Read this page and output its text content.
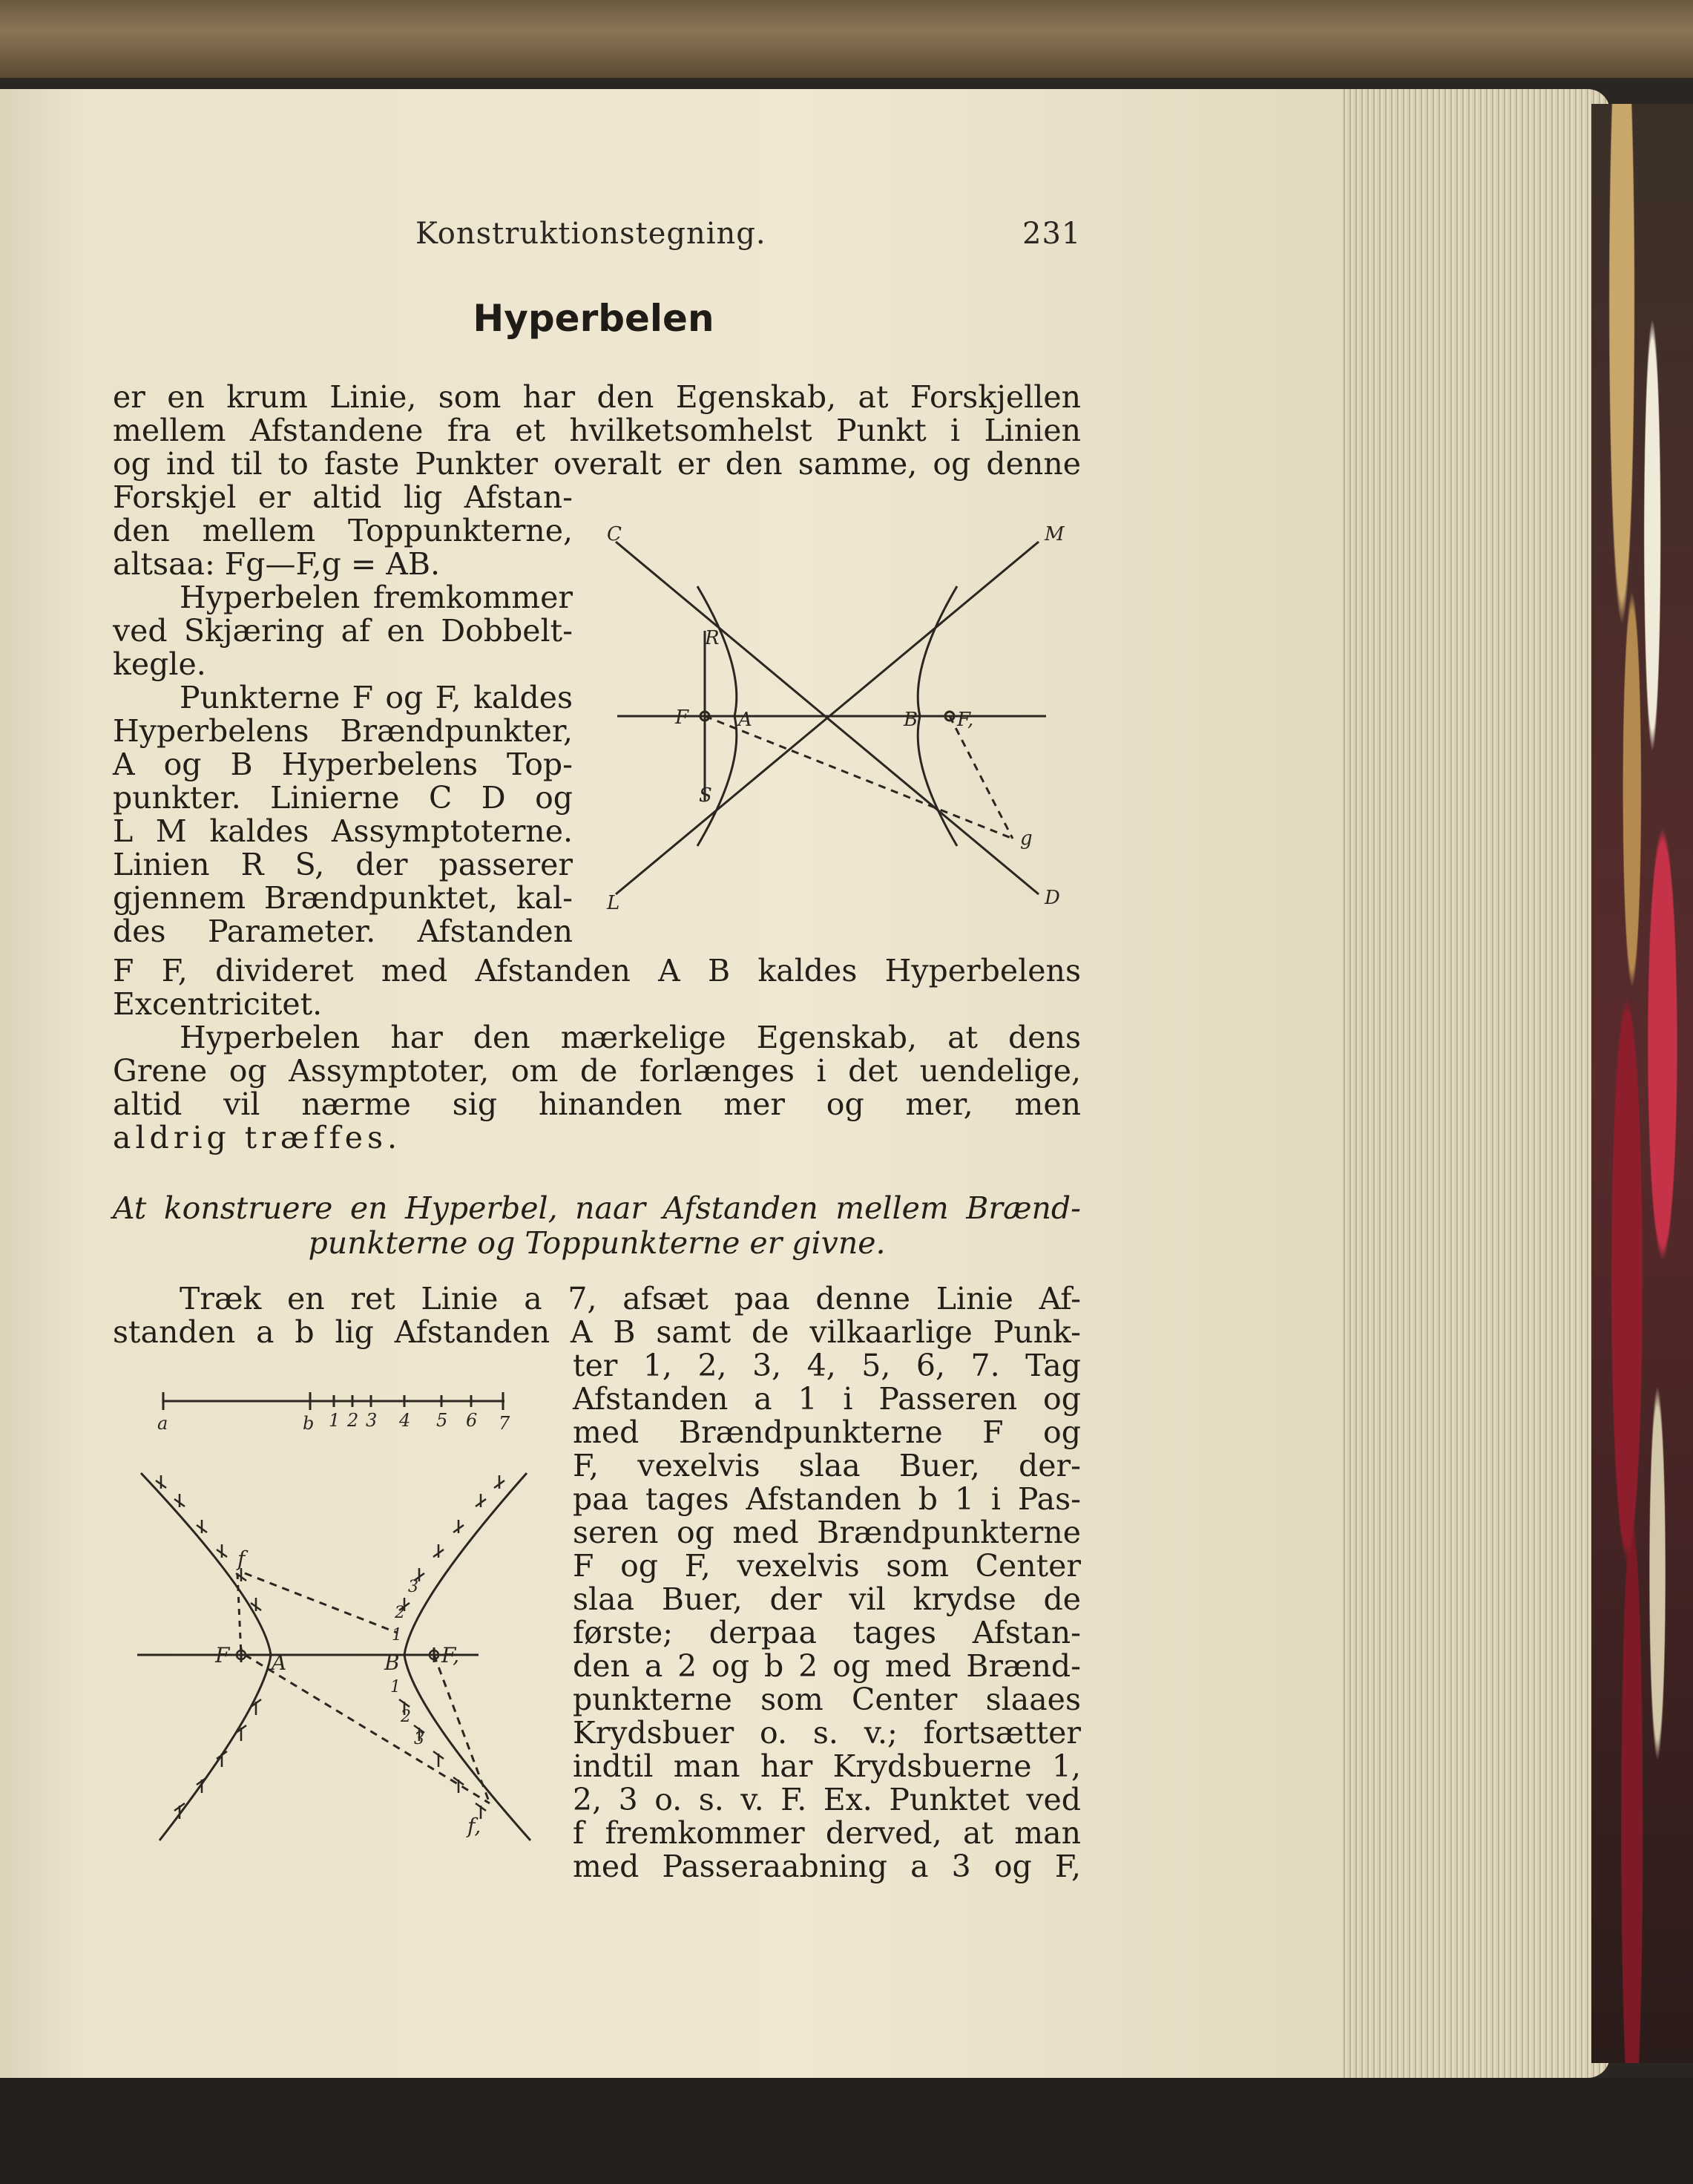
Konstruktionstegning.	231
Hyperbelen
er en krum Linie, som har den Egenskab, at Forskjellen
mellem Afstandene fra et hvilketsomhelst Punkt i Linien
og ind til to faste Punkter overalt er den samme, og denne
Forskjel er altid lig Afstan-
den mellem Toppunkterne,
altsaa: Fg—F,g = AB.
Hyperbelen fremkommer
ved Skjæring af en Dobbelt-
kegle.
Punkterne F og F, kaldes
Hyperbelens Brændpunkter,
A og B Hyperbelens Top-
punkter. Linierne C D og
L M kaldes Assymptoterne.
Linien R S, der passerer
gjennem Brændpunktet, kal-
des Parameter. Afstanden
F F, divideret med Afstanden A B kaldes Hyperbelens
Excentricitet.
Hyperbelen har den mærkelige Egenskab, at dens
Grene og Assymptoter, om de forlænges i det uendelige,
altid vil nærme sig hinanden mer og mer, men
aldrig træffes.
At konstruere en Hyperbel, naar Afstanden mellem Brænd-
punkterne og Toppunkterne er givne.
Træk en ret Linie a 7, afsæt paa denne Linie Af-
standen a b lig Afstanden A B samt de vilkaarlige Punk-
ter 1, 2, 3, 4, 5, 6, 7. Tag
Afstanden a 1 i Passeren og
med Brændpunkterne F og
F, vexelvis slaa Buer, der-
paa tages Afstanden b 1 i Pas-
seren og med Brændpunkterne
F og F, vexelvis som Center
slaa Buer, der vil krydse de
første; derpaa tages Afstan-
den a 2 og b 2 og med Brænd-
punkterne som Center slaaes
Krydsbuer o. s. v.; fortsætter
indtil man har Krydsbuerne 1,
2, 3 o. s. v. F. Ex. Punktet ved
f fremkommer derved, at man
med Passeraabning a 3 og F,
C	M
R
F	A	B F,
S
g
L	D
a	b 1 2 3 4 5 6 7
f
F A	B F,
f,
3
2
1
1
2
3
